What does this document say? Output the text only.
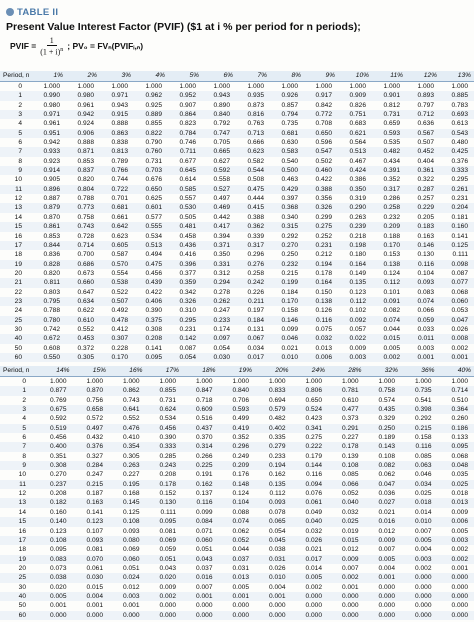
TABLE II
Present Value Interest Factor (PVIF) ($1 at i % per period for n periods);
PVIF = $\frac{1}{(1 + i)^n}$ ; PV₀ = FVₙ(PVIFᵢ,ₙ)
Period, n	1%	2%	3%	4%	5%	6%	7%	8%	9%	10%	11%	12%	13%
0	1.000	1.000	1.000	1.000	1.000	1.000	1.000	1.000	1.000	1.000	1.000	1.000	1.000
1	0.990	0.980	0.971	0.962	0.952	0.943	0.935	0.926	0.917	0.909	0.901	0.893	0.885
2	0.980	0.961	0.943	0.925	0.907	0.890	0.873	0.857	0.842	0.826	0.812	0.797	0.783
3	0.971	0.942	0.915	0.889	0.864	0.840	0.816	0.794	0.772	0.751	0.731	0.712	0.693
4	0.961	0.924	0.888	0.855	0.823	0.792	0.763	0.735	0.708	0.683	0.659	0.636	0.613
5	0.951	0.906	0.863	0.822	0.784	0.747	0.713	0.681	0.650	0.621	0.593	0.567	0.543
6	0.942	0.888	0.838	0.790	0.746	0.705	0.666	0.630	0.596	0.564	0.535	0.507	0.480
7	0.933	0.871	0.813	0.760	0.711	0.665	0.623	0.583	0.547	0.513	0.482	0.452	0.425
8	0.923	0.853	0.789	0.731	0.677	0.627	0.582	0.540	0.502	0.467	0.434	0.404	0.376
9	0.914	0.837	0.766	0.703	0.645	0.592	0.544	0.500	0.460	0.424	0.391	0.361	0.333
10	0.905	0.820	0.744	0.676	0.614	0.558	0.508	0.463	0.422	0.386	0.352	0.322	0.295
11	0.896	0.804	0.722	0.650	0.585	0.527	0.475	0.429	0.388	0.350	0.317	0.287	0.261
12	0.887	0.788	0.701	0.625	0.557	0.497	0.444	0.397	0.356	0.319	0.286	0.257	0.231
13	0.879	0.773	0.681	0.601	0.530	0.469	0.415	0.368	0.326	0.290	0.258	0.229	0.204
14	0.870	0.758	0.661	0.577	0.505	0.442	0.388	0.340	0.299	0.263	0.232	0.205	0.181
15	0.861	0.743	0.642	0.555	0.481	0.417	0.362	0.315	0.275	0.239	0.209	0.183	0.160
16	0.853	0.728	0.623	0.534	0.458	0.394	0.339	0.292	0.252	0.218	0.188	0.163	0.141
17	0.844	0.714	0.605	0.513	0.436	0.371	0.317	0.270	0.231	0.198	0.170	0.146	0.125
18	0.836	0.700	0.587	0.494	0.416	0.350	0.296	0.250	0.212	0.180	0.153	0.130	0.111
19	0.828	0.686	0.570	0.475	0.396	0.331	0.276	0.232	0.194	0.164	0.138	0.116	0.098
20	0.820	0.673	0.554	0.456	0.377	0.312	0.258	0.215	0.178	0.149	0.124	0.104	0.087
21	0.811	0.660	0.538	0.439	0.359	0.294	0.242	0.199	0.164	0.135	0.112	0.093	0.077
22	0.803	0.647	0.522	0.422	0.342	0.278	0.226	0.184	0.150	0.123	0.101	0.083	0.068
23	0.795	0.634	0.507	0.406	0.326	0.262	0.211	0.170	0.138	0.112	0.091	0.074	0.060
24	0.788	0.622	0.492	0.390	0.310	0.247	0.197	0.158	0.126	0.102	0.082	0.066	0.053
25	0.780	0.610	0.478	0.375	0.295	0.233	0.184	0.146	0.116	0.092	0.074	0.059	0.047
30	0.742	0.552	0.412	0.308	0.231	0.174	0.131	0.099	0.075	0.057	0.044	0.033	0.026
40	0.672	0.453	0.307	0.208	0.142	0.097	0.067	0.046	0.032	0.022	0.015	0.011	0.008
50	0.608	0.372	0.228	0.141	0.087	0.054	0.034	0.021	0.013	0.009	0.005	0.003	0.002
60	0.550	0.305	0.170	0.095	0.054	0.030	0.017	0.010	0.006	0.003	0.002	0.001	0.001
Period, n	14%	15%	16%	17%	18%	19%	20%	24%	28%	32%	36%	40%
0	1.000	1.000	1.000	1.000	1.000	1.000	1.000	1.000	1.000	1.000	1.000	1.000
1	0.877	0.870	0.862	0.855	0.847	0.840	0.833	0.806	0.781	0.758	0.735	0.714
2	0.769	0.756	0.743	0.731	0.718	0.706	0.694	0.650	0.610	0.574	0.541	0.510
3	0.675	0.658	0.641	0.624	0.609	0.593	0.579	0.524	0.477	0.435	0.398	0.364
4	0.592	0.572	0.552	0.534	0.516	0.499	0.482	0.423	0.373	0.329	0.292	0.260
5	0.519	0.497	0.476	0.456	0.437	0.419	0.402	0.341	0.291	0.250	0.215	0.186
6	0.456	0.432	0.410	0.390	0.370	0.352	0.335	0.275	0.227	0.189	0.158	0.133
7	0.400	0.376	0.354	0.333	0.314	0.296	0.279	0.222	0.178	0.143	0.116	0.095
8	0.351	0.327	0.305	0.285	0.266	0.249	0.233	0.179	0.139	0.108	0.085	0.068
9	0.308	0.284	0.263	0.243	0.225	0.209	0.194	0.144	0.108	0.082	0.063	0.048
10	0.270	0.247	0.227	0.208	0.191	0.176	0.162	0.116	0.085	0.062	0.046	0.035
11	0.237	0.215	0.195	0.178	0.162	0.148	0.135	0.094	0.066	0.047	0.034	0.025
12	0.208	0.187	0.168	0.152	0.137	0.124	0.112	0.076	0.052	0.036	0.025	0.018
13	0.182	0.163	0.145	0.130	0.116	0.104	0.093	0.061	0.040	0.027	0.018	0.013
14	0.160	0.141	0.125	0.111	0.099	0.088	0.078	0.049	0.032	0.021	0.014	0.009
15	0.140	0.123	0.108	0.095	0.084	0.074	0.065	0.040	0.025	0.016	0.010	0.006
16	0.123	0.107	0.093	0.081	0.071	0.062	0.054	0.032	0.019	0.012	0.007	0.005
17	0.108	0.093	0.080	0.069	0.060	0.052	0.045	0.026	0.015	0.009	0.005	0.003
18	0.095	0.081	0.069	0.059	0.051	0.044	0.038	0.021	0.012	0.007	0.004	0.002
19	0.083	0.070	0.060	0.051	0.043	0.037	0.031	0.017	0.009	0.005	0.003	0.002
20	0.073	0.061	0.051	0.043	0.037	0.031	0.026	0.014	0.007	0.004	0.002	0.001
25	0.038	0.030	0.024	0.020	0.016	0.013	0.010	0.005	0.002	0.001	0.000	0.000
30	0.020	0.015	0.012	0.009	0.007	0.005	0.004	0.002	0.001	0.000	0.000	0.000
40	0.005	0.004	0.003	0.002	0.001	0.001	0.001	0.000	0.000	0.000	0.000	0.000
50	0.001	0.001	0.001	0.000	0.000	0.000	0.000	0.000	0.000	0.000	0.000	0.000
60	0.000	0.000	0.000	0.000	0.000	0.000	0.000	0.000	0.000	0.000	0.000	0.000
